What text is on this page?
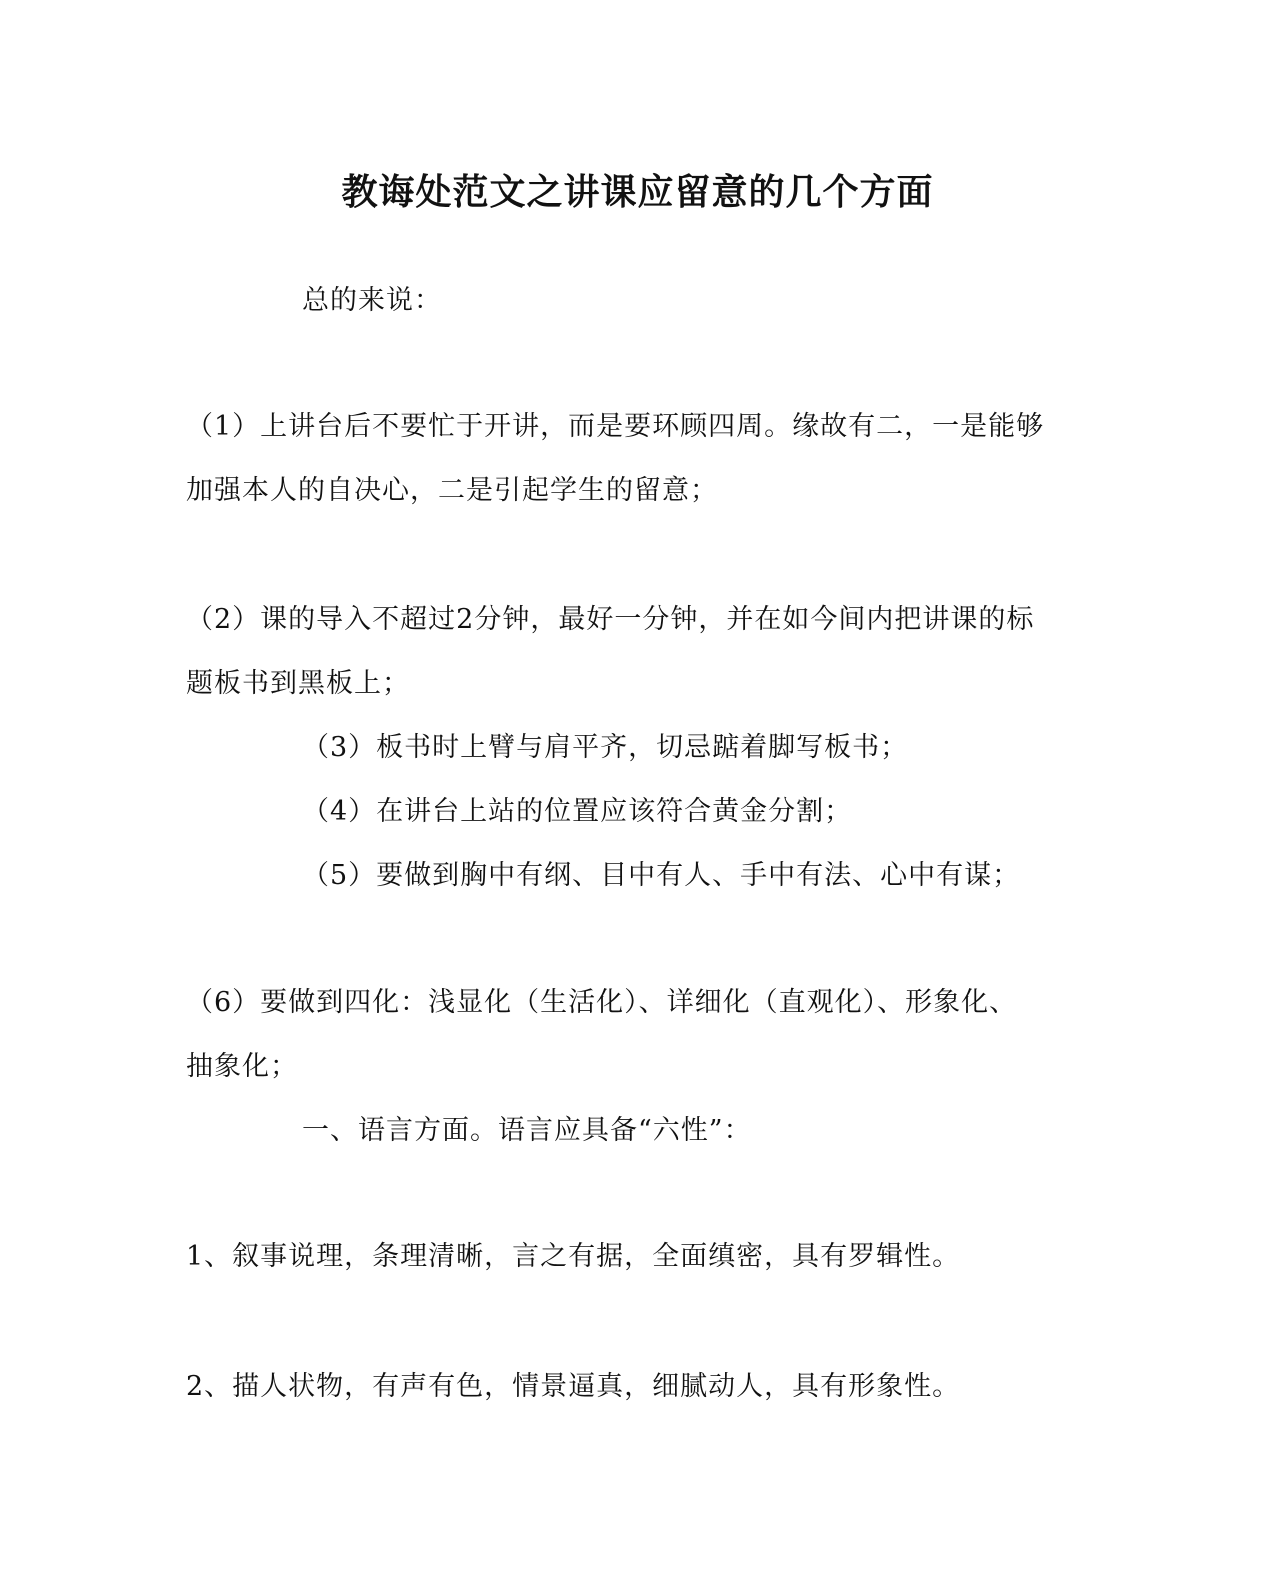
教诲处范文之讲课应留意的几个方面
总的来说：
（1）上讲台后不要忙于开讲，而是要环顾四周。缘故有二，一是能够
加强本人的自决心，二是引起学生的留意；
（2）课的导入不超过2分钟，最好一分钟，并在如今间内把讲课的标
题板书到黑板上；
（3）板书时上臂与肩平齐，切忌踮着脚写板书；
（4）在讲台上站的位置应该符合黄金分割；
（5）要做到胸中有纲、目中有人、手中有法、心中有谋；
（6）要做到四化：浅显化（生活化）、详细化（直观化）、形象化、
抽象化；
一、语言方面。语言应具备“六性”：
1、叙事说理，条理清晰，言之有据，全面缜密，具有罗辑性。
2、描人状物，有声有色，情景逼真，细腻动人，具有形象性。
